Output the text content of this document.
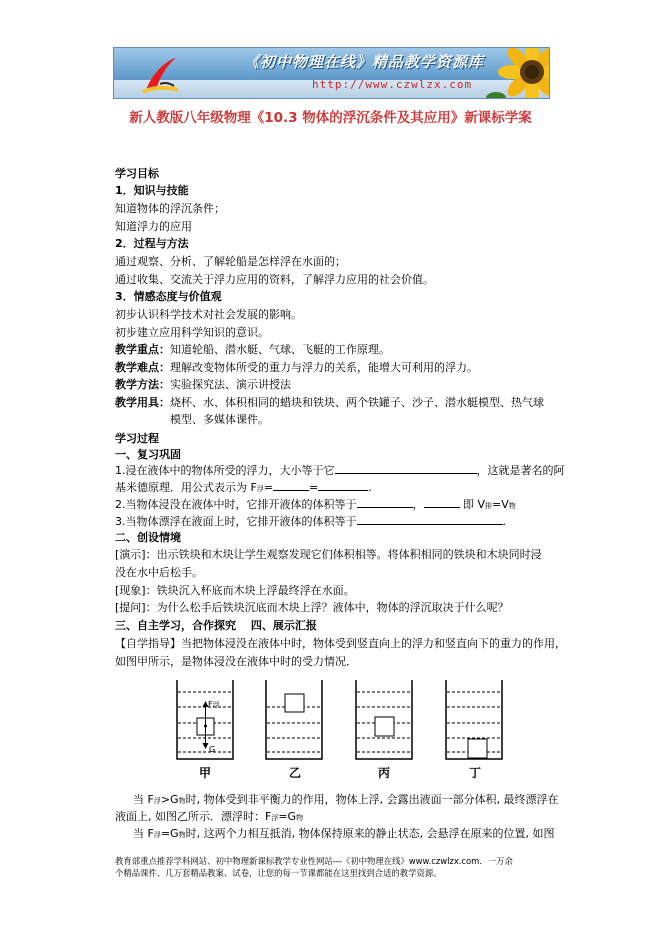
《初中物理在线》精品教学资源库
http://www.czwlzx.com
新人教版八年级物理《10.3 物体的浮沉条件及其应用》新课标学案
学习目标
1．知识与技能
知道物体的浮沉条件；
知道浮力的应用
2．过程与方法
通过观察、分析、了解轮船是怎样浮在水面的；
通过收集、交流关于浮力应用的资料，了解浮力应用的社会价值。
3．情感态度与价值观
初步认识科学技术对社会发展的影响。
初步建立应用科学知识的意识。
教学重点：知道轮船、潜水艇、气球、飞艇的工作原理。
教学难点：理解改变物体所受的重力与浮力的关系，能增大可利用的浮力。
教学方法：实验探究法、演示讲授法
教学用具：烧杯、水、体积相同的蜡块和铁块、两个铁罐子、沙子、潜水艇模型、热气球
模型、多媒体课件。
学习过程
一、复习巩固
1.浸在液体中的物体所受的浮力，大小等于它	，这就是著名的阿
基米德原理．用公式表示为 F浮=	=	.
2.当物体浸没在液体中时，它排开液体的体积等于	，	即 V排=V物
3.当物体漂浮在液面上时，它排开液体的体积等于	.
二、创设情境
[演示]：出示铁块和木块让学生观察发现它们体积相等。将体积相同的铁块和木块同时浸
没在水中后松手。
[现象]：铁块沉入杯底而木块上浮最终浮在水面。
[提问]：为什么松手后铁块沉底而木块上浮？液体中，物体的浮沉取决于什么呢？
三、自主学习，合作探究　 四、展示汇报
【自学指导】当把物体浸没在液体中时，物体受到竖直向上的浮力和竖直向下的重力的作用，
如图甲所示，是物体浸没在液体中时的受力情况．
F浮
G
甲	乙	丙	丁
当 F浮>G物时, 物体受到非平衡力的作用，物体上浮, 会露出液面一部分体积, 最终漂浮在
液面上, 如图乙所示．漂浮时：F浮=G物
当 F浮=G物时, 这两个力相互抵消, 物体保持原来的静止状态, 会悬浮在原来的位置, 如图
教育部重点推荐学科网站、初中物理新课标教学专业性网站---《初中物理在线》www.czwlzx.com．一万余
个精品课件、几万套精品教案、试卷，让您的每一节课都能在这里找到合适的教学资源。
